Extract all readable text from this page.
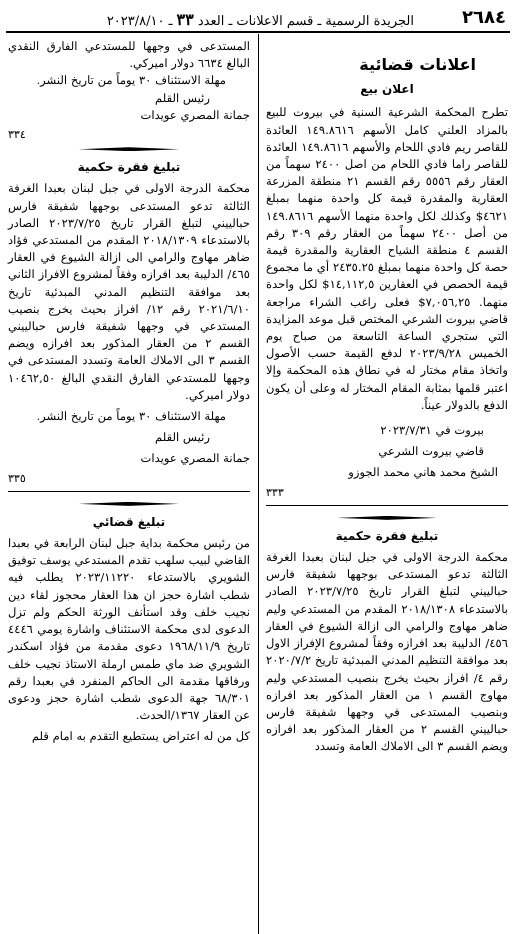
٢٦٨٤
الجريدة الرسمية ـ قسم الاعلانات ـ العدد ٣٣ ـ ٢٠٢٣/٨/١٠

اعلانات قضائية

اعلان بيع

تطرح المحكمة الشرعية السنية في بيروت للبيع بالمزاد العلني كامل الأسهم ١٤٩.٨٦١٦ العائدة للقاصر ريم فادي اللحام والأسهم ١٤٩.٨٦١٦ العائدة للقاصر راما فادي اللحام من اصل ٢٤٠٠ سهماً من العقار رقم ٥٥٥٦ رقم القسم ٢١ منطقة المزرعة العقارية والمقدرة قيمة كل واحدة منهما بمبلغ ٤٦٢١$ وكذلك لكل واحدة منهما الأسهم ١٤٩.٨٦١٦ من أصل ٢٤٠٠ سهماً من العقار رقم ٣٠٩ رقم القسم ٤ منطقة الشياح العقارية والمقدرة قيمة حصة كل واحدة منهما بمبلغ ٢٤٣٥.٢٥ أي ما مجموع قيمة الحصص في العقارين ١٤,١١٢,٥$ لكل واحدة منهما. ٧,٠٥٦,٢٥$ فعلى راغب الشراء مراجعة قاضي بيروت الشرعي المختص قبل موعد المزايدة التي ستجري الساعة التاسعة من صباح يوم الخميس ٢٠٢٣/٩/٢٨ لدفع القيمة حسب الأصول واتخاذ مقام مختار له في نطاق هذه المحكمة وإلا اعتبر قلمها بمثابة المقام المختار له وعلى أن يكون الدفع بالدولار عيناً.

بيروت في ٢٠٢٣/٧/٣١

قاضي بيروت الشرعي

الشيخ محمد هاني محمد الجوزو

٣٣٣

تبليغ فقرة حكمية

محكمة الدرجة الاولى في جبل لبنان بعبدا الغرفة الثالثة تدعو المستدعى بوجهها شفيقة فارس حبالييني لتبلغ القرار تاريخ ٢٠٢٣/٧/٢٥ الصادر بالاستدعاء ٢٠١٨/١٣٠٨ المقدم من المستدعي وليم ضاهر مهاوج والرامي الى ازالة الشيوع في العقار ٤٥٦/ الدليبة بعد افرازه وفقاً لمشروع الإفراز الاول بعد موافقة التنظيم المدني المبدئية تاريخ ٢٠٢٠/٧/٢ رقم ٤/ افراز بحيث يخرج بنصيب المستدعي وليم مهاوج القسم ١ من العقار المذكور بعد افرازه وبنصيب المستدعى في وجهها شفيقة فارس حبالييني القسم ٢ من العقار المذكور بعد افرازه ويضم القسم ٣ الى الاملاك العامة وتسدد

المستدعى في وجهها للمستدعي الفارق النقدي البالغ ٦٦٣٤ دولار اميركي.

مهلة الاستئناف ٣٠ يوماً من تاريخ النشر.

رئيس القلم

جمانة المصري عويدات

٣٣٤

تبليغ فقرة حكمية

محكمة الدرجة الاولى في جبل لبنان بعبدا الغرفة الثالثة تدعو المستدعى بوجهها شفيقة فارس حبالييني لتبلغ القرار تاريخ ٢٠٢٣/٧/٢٥ الصادر بالاستدعاء ٢٠١٨/١٣٠٩ المقدم من المستدعي فؤاد ضاهر مهاوج والرامي الى ازالة الشيوع في العقار ٤٦٥/ الدليبة بعد افرازه وفقاً لمشروع الافراز الثاني بعد موافقة التنظيم المدني المبدئية تاريخ ٢٠٢١/٦/١٠ رقم ١٢/ افراز بحيث يخرج بنصيب المستدعي في وجهها شفيقة فارس حبالييني القسم ٢ من العقار المذكور بعد افرازه ويضم القسم ٣ الى الاملاك العامة وتسدد المستدعى في وجهها للمستدعي الفارق النقدي البالغ ١٠٤٦٢,٥٠ دولار اميركي.

مهلة الاستئناف ٣٠ يوماً من تاريخ النشر.

رئيس القلم

جمانة المصري عويدات

٣٣٥

تبليغ قضائي

من رئيس محكمة بداية جبل لبنان الرابعة في بعبدا القاضي لبيب سلهب تقدم المستدعي يوسف توفيق الشويري بالاستدعاء ٢٠٢٣/١١٢٢٠ يطلب فيه شطب اشارة حجز ان هذا العقار محجوز لقاء دين نجيب خلف وقد استأنف الورثة الحكم ولم تزل الدعوى لدى محكمة الاستئناف واشارة يومي ٤٤٤٦ تاريخ ١٩٦٨/١١/٩ دعوى مقدمة من فؤاد اسكندر الشويري ضد ماي طمس ارملة الاستاذ نجيب خلف ورفاقها مقدمة الى الحاكم المنفرد في بعبدا رقم ٦٨/٣٠١ جهة الدعوى شطب اشارة حجز ودعوى عن العقار ١٣٦٧/الحدث.

كل من له اعتراض يستطيع التقدم به امام قلم
